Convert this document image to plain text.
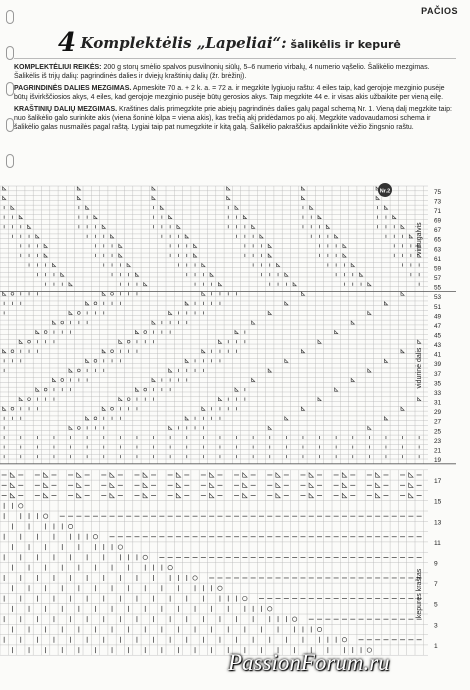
PAČIOS
4 Komplektėlis „Lapeliai“: šalikėlis ir kepurė

KOMPLEKTĖLIUI REIKĖS: 200 g storų smėlio spalvos pusvilnonių siūlų, 5–6 numerio virbalų, 4 numerio vąšelio. Šalikėlio mezgimas. Šalikėlis iš trijų dalių: pagrindinės dalies ir dviejų kraštinių dalių (žr. brėžinį).

PAGRINDINĖS DALIES MEZGIMAS. Apmeskite 70 a. + 2 k. a. = 72 a. ir megzkite lygiuoju raštu: 4 eiles taip, kad gerojoje mezginio pusėje būtų išvirkščiosios akys, 4 eiles, kad gerojoje mezginio pusėje būtų gerosios akys. Taip megzkite 44 e. ir visas akis užbaikite per vieną eilę.

KRAŠTINIŲ DALIŲ MEZGIMAS. Kraštines dalis primegzkite prie abiejų pagrindinės dalies galų pagal schemą Nr. 1. Vieną dalį megzkite taip: nuo šalikėlio galo surinkite akis (viena šoninė kilpa = viena akis), kas trečią akį pridėdamos po akį. Megzkite vadovaudamosi schema ir šalikėlio galas nusmailės pagal raštą. Lygiai taip pat numegzkite ir kitą galą. Šalikėlio pakraščius apdailinkite vėžio žingsnio raštu.

75
73
71
69
67
65
63
61
59
57
55
53
51
49
47
45
43
41
39
37
35
33
31
29
27
25
23
21
19
17
15
13
11
9
7
5
3
1
viršugalvis
vidurinė dalis
kepurės kraštas
Nr.2
PassionForum.ru
